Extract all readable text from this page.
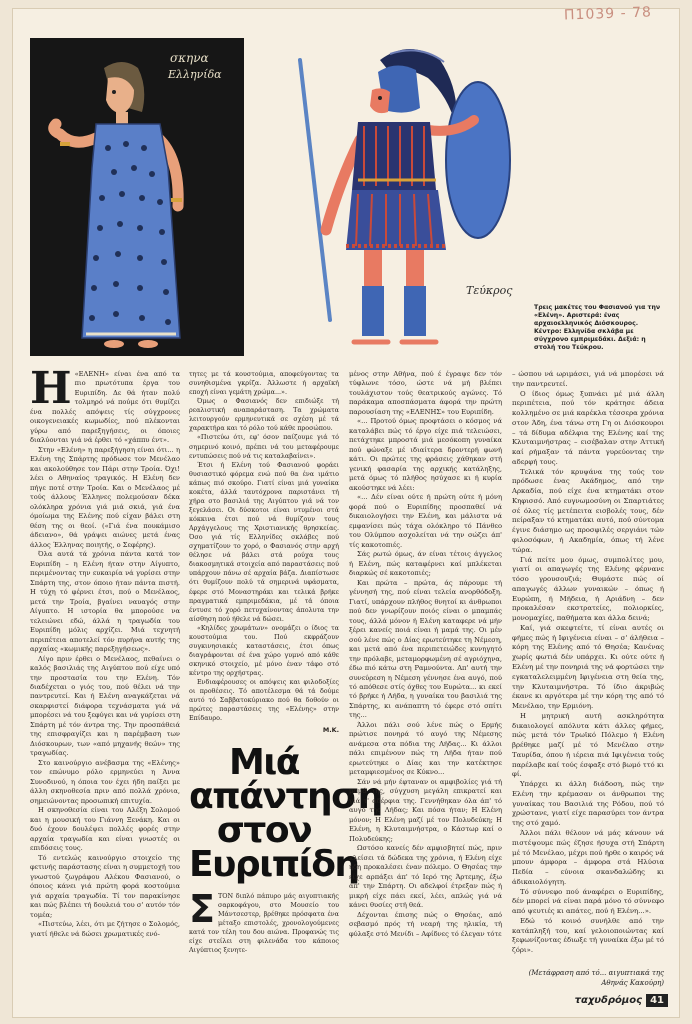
Π1039 - 78
σκηνα
Ελληνίδα
Τεύκρος
Τρεις μακέτες του Φασιανού για την «Ελένη». Αριστερά: ένας αρχαιοελληνικός Διόσκουρος. Κέντρο: Ελληνίδα σκλάβα με σύγχρονο εμπριμεδάκι. Δεξιά: η στολή του Τεύκρου.
Η «ΕΛΕΝΗ» είναι ένα από τα πιο πρωτότυπα έργα του Ευριπίδη. Δε θά ήταν πολύ τολμηρό νά πούμε ότι θυμίζει ένα πολλές απόψεις τίς σύγχρονες οικογενειακές κωμωδίες, πού πλέκονται γύρω από παρεξηγήσεις, οι όποιες διαλύονται γιά νά έρθει τό «χάππυ έντ».

Στην «Ελένη» η παρεξήγηση είναι ότι... η Ελένη της Σπάρτης πρόδωσε τον Μενέλαο και ακολούθησε τον Πάρι στην Τροία. Όχι! λέει ο Αθηναίος τραγικός. Η Ελένη δεν πήγε ποτέ στην Τροία. Και ο Μενέλαος μέ τούς άλλους Έλληνες πολεμούσαν δέκα ολόκληρα χρόνια γιά μιά σκιά, γιά ένα όμοίωμα της Ελένης πού είχαν βάλει στη θέση της οι θεοί. («Γιά ένα πουκάμισο άδειανο», θά γράψει αιώνες μετά ένας άλλος Έλληνας ποιητής, ο Σεφέρης).

Όλα αυτά τά χρόνια πάντα κατά τον Ευριπίδη – η Ελένη ήταν στην Αίγυπτο, περιμένοντας την ευκαιρία νά γυρίσει στην Σπάρτη της, στον όποιο ήταν πάντα πιστή. Η τύχη τό φέρνει έτσι, πού ο Μενέλαος, μετά την Τροία, βγαίνει ναυαγός στην Αίγυπτο. Η ιστορία θα μπορούσε να τελειώνει εδώ, άλλά η τραγωδία του Ευριπίδη μόλις αρχίζει. Μιά τεχνητή περιπέτεια αποτελεί τόν πυρήνα αυτής της αρχαίας «κωμικής παρεξηγήσεως».

Λίγο πριν έρθει ο Μενέλαος, πεθαίνει ο καλός βασιλιάς της Αιγύπτου πού είχε υπό την προστασία του την Ελένη. Τόν διαδέχεται ο γιός του, πού θέλει νά την παντρευτεί. Και ή Ελένη αναγκάζεται νά σκαρφιστεί διάφορα τεχνάσματα γιά νά μπορέσει νά του ξεφύγει και νά γυρίσει στη Σπάρτη μέ τόν άντρα της. Την προσπάθειά της επισφραγίζει και η παρέμβαση των Διόσκουρων, των «από μηχανής θεών» της τραγωδίας.

Στο καινούργιο ανέβασμα της «Ελένης» τον επώνυμο ρόλο ερμηνεύει η Άννα Συνοδινού, η όποια τον έχει ήδη παίξει με άλλη σκηνοθεσία πριν από πολλά χρόνια, σημειώνοντας προσωπική επιτυχία.

Η σκηνοθεσία είναι του Αλέξη Σολομού και η μουσική του Γιάννη Ξενάκη. Και οι δυό έχουν δουλέψει πολλές φορές στην αρχαία τραγωδία και είναι γνωστές οι επιδόσεις τους.

Τό εντελώς καινούργιο στοιχείο της φετινής παράστασης είναι η συμμετοχή του γνωστού ζωγράφου Αλέκου Φασιανού, ο όποιος κάνει γιά πρώτη φορά κοστούμια γιά αρχαία τραγωδία. Τί τον παρακίνησε και πώς βλέπει τή δουλειά του σ' αυτόν τόν τομέα;

«Πιστεύω, λέει, ότι με ζήτησε ο Σολομός, γιατί ήθελε νά δώσει χρωματικές ενό-

τητες με τά κουστούμια, αποφεύγοντας τα συνηθισμένα γκρίζα. Άλλωστε ή αρχαϊκή εποχή είναι γεμάτη χρώμα...».

Όμως ο Φασιανός δεν επιδιώξε τή ρεαλιστική αναπαράσταση. Τα χρώματα λειτουργούν ερμηνευτικά σε σχέση μέ τά χαρακτήρα και τό ρόλο τού κάθε προσώπου.

«Πιστεύω ότι, εφ' όσον παίζουμε γιά τό σημερινό κοινό, πρέπει νά του μεταφέρουμε εντυπώσεις πού νά τις καταλαβαίνει».

Έτσι ή Ελένη τού Φασιανού φοράει θυσιαστικό φόρεμα ενώ πού θα ένα ιμάτιο κάπως πιό σκούρο. Γιατί είναι μιά γυναίκα κοκέτα, άλλά ταυτόχρονα παριστάνει τή χήρα στο βασιλιά της Αιγύπτου γιά νά τον ξεγελάσει. Οι δύσκοτοι είναι ντυμένοι στά κόκκινα έτσι πού νά θυμίζουν τους Αρχάγγελους της Χριστιανικής θρησκείας. Όσο γιά τίς Ελληνίδες σκλάβες πού σχηματίζουν το χορό, ο Φασιανός στην αρχή θέλησε νά βάλει στά ρούχα τους διακοσμητικά στοιχεία από παραστάσεις πού υπάρχουν πάνω σέ αρχαία βάζα. Διαπίστωσε ότι θυμίζουν πολύ τά σημερινά υφάσματα, έφερε στό Μοναστηράκι και τελικά βρήκε πραγματικά εμπριμεδάκια, μέ τά όποια έντυσε τό χορό πετυχαίνοντας άπολυτα την αίσθηση πού ήθελε νά δώσει.

«Κηλίδες χρωμάτων» ονομάζει ο ίδιος τα κουστούμια του. Πού εκφράζουν συγκινησιακές καταστάσεις, έτσι όπως διαγράφονται σέ ένα χώρο γυμνό από κάθε σκηνικό στοιχείο, μέ μόνο έναν τάφο στό κέντρο της ορχήστρας.

Ενδιαφέρουσες οι απόψεις και φιλοδοξίες οι προθέσεις. Τό αποτέλεσμα θά τά δούμε αυτό τό Σαββατοκύριακο πού θα δοθούν οι πρώτες παραστάσεις της «Ελένης» στην Επίδαυρο.

Μ.Κ.
Μιά απάντηση στον Ευριπίδη
Σ ΤΟΝ διπλό πάπυρο μάς αιγυπτιακής σαρκοφάγου, στο Μουσείο του Μάντσεστερ, βρέθηκε πρόσφατα ένα μέταξο επιστολές, χρονολογούμενες κατά τον τέλη του δου αιώνα. Προφανώς τις είχε στείλει στη φιλενάδα του κάποιος Αιγύπτιος ξενητε-

μένος στην Αθήνα, πού έ έγραψε δεν τόν τύφλωνε τόσο, ώστε νά μή βλέπει τουλάχιστον τούς θεατρικούς αγώνες. Τό παράκαμα αποσπάσματα άφορά την πρώτη παρουσίαση της «ΕΛΕΝΗΣ» του Ευριπίδη.

«... Προτού όμως προφτάσει ο κόσμος νά καταλάβει πώς τό έργο είχε πιά τελειώσει, πετάχτηκε μπροστά μιά μεσόκοπη γυναίκα πού φώναξε μέ ιδιαίτερα δροντερή φωνή κάτι. Οι πρώτες της φράσεις χάθηκαν στή γενική φασαρία της αρχικής κατάληξης, μετά όμως τό πλήθος ησύχασε κι ή κυρία ακούστηκε νά λέει:

«... Δέν είναι ούτε ή πρώτη ούτε ή μόνη φορά πού ο Ευριπίδης προσπαθεί νά δικαιολογήσει την Ελένη, και μάλιστα νά εμφανίσει πώς τάχα ολόκληρο τό Πάνθεο του Ολύμπου ασχολείται νά την σώζει άπ' τίς κακοτοπιές.

Σάς ρωτώ όμως, άν είναι τέτοις άγγελος ή Ελένη, πώς καταφέρνει καί μπλέκεται διαρκώς σέ κακοτοπιές;

Και πρώτα – πρώτα, άς πάρουμε τή γέννησή της, πού είναι τελεία ανορθόδοξη. Γιατί, υπάρχουν πλήθος θνητοί κι άνθρωποι πού δεν γνωρίζουν ποιός είναι ο μπαμπάς τους, άλλά μόνον ή Ελένη καταφερε νά μήν ξέρει κανείς ποιά είναι ή μαμά της. Οι μέν σού λένε πώς ο Δίας ερωτεύτηκε τη Νέμεση, και μετά από ένα περιπετειώδες κυνηγητό την πρόλαβε, μεταμορφωμένη σέ αγριόχηνα, έδω πιό κάτω στη Ραμνούντα. Απ' αυτή την συνεύρεση η Νέμεση γέννησε ένα αυγό, πού τό απόθεσε στίς όχθες του Ευρώτα... κι εκεί τό βρήκε ή Λήδα, η γυναίκα του βασιλιά της Σπάρτης, κι ανάπαπτη τό έφερε στό σπίτι της...

Άλλοι πάλι σού λένε πώς ο Ερμής πρώτισε πονηρά τό αυγό της Νέμεσης ανάμεσα στα πόδια της Λήδας... Κι άλλοι πάλι επιμένουν πώς τη Λήδα ήταν πού ερωτεύτηκε ο Δίας και την κατέκτησε μεταμφιεσμένος σε Κύκνο...

Σάν νά μήν έφταναν οι αμφιβολίες γιά τή μαμά της, σύγχυση μεγάλη επικρατεί και γιά τ' αδέρφια της. Γεννήθηκαν όλα άπ' τό αυγό της Λήδας; Και πόσα ήταν; Η Ελένη μόνον; Η Ελένη μαζί μέ τον Πολυδεύκη; Η Ελένη, η Κλυταιμνήστρα, ο Κάστωρ καί ο Πολυδεύκης;

Ωστόσο κανείς δέν αμφισβητεί πώς, πριν κλείσει τά δώδεκα της χρόνια, ή Ελένη είχε ήδη προκαλέσει έναν πόλεμο. Ο Θησέας την είχε αρπάξει άπ' τό Ιερό της Άρτεμης, έξω άπ' την Σπάρτη. Οι αδελφοί έτρεξαν πώς ή μικρή είχε πάει εκεί, λέει, απλώς γιά νά κάνει θυσίες στή θεά.

Δέχονται έπισης πώς ο Θησέας, από σεβασμό πρός τή νεαρή της ηλικία, τή φύλαξε στό Μενίδι – Αφίδνες τό έλεγαν τότε

– ώσπου νά ωριμάσει, γιά νά μπορέσει νά την παντρευτεί.

Ο ίδιος όμως ξυπνάει μέ μιά άλλη περιπέτεια, πού τόν κράτησε άδεια κολλημένο σε μιά καρέκλα τέσσερα χρόνια στον Άδη, ένα τάνω στη Γη οι Διόσκουροι – τά δίδυμα αδέλφια της Ελένης καί της Κλυταιμνήστρας – εισέβαλαν στην Αττική καί ρήμαξαν τά πάντα γυρεύοντας την αδερφή τους.

Τελικά τόν κρυψάνα της τούς τον πρόδωσε ένας Ακάδημος, από την Αρκαδία, πού είχε ένα κτηματάκι στον Κηφισσό. Από ευγνωμοσύνη οι Σπαρτιάτες σέ όλες τίς μετέπειτα εισβολές τους, δέν πείραξαν τό κτηματάκι αυτό, πού σύντομα έγινε διάσημο ως προσφιλές σεργιάνι τών φιλοσόφων, ή Ακαδημία, όπως τή λένε τώρα.

Γιά πείτε μου όμως, συμπολίτες μου, γιατί οι απαγωγές της Ελένης φέρνανε τόσο γρουσουζιά; Θυμάστε πώς οί απαγωγές άλλων γυναικών – όπως ή Ευρώπη, ή Μήδεια, ή Αριάδνη – δεν προκαλέσαν εκστρατείες, πολιορκίες, μονομαχίες, παθήματα και άλλα δεινά;

Καί, γιά σκεφτείτε, τί είναι αυτές οι φήμες πώς ή Ιφιγένεια είναι – σ' άλήθεια – κόρη της Ελένης από τό Θησέα; Κανένας χωρίς φωτιά δέν υπάρχει. Κι ούτε ούτε ή Ελένη μέ την πονηριά της νά φορτώσει την εγκαταλελειμμένη Ιφιγένεια στη θεία της, την Κλυταιμνήστρα. Τό ίδιο άκριβώς έκανε κι αργότερα μέ την κόρη της από τό Μενέλαο, την Ερμιόνη.

Η μητρική αυτή ασκληρότητα δικαιολογεί απόλυτα κάτι άλλες φήμες, πώς μετά τόν Τρωϊκό Πόλεμο ή Ελένη βρέθηκε μαζί μέ τό Μενέλαο στην Ταυρίδα, όπου ή ιέρεια πιά Ιφιγένεια τούς παρέλαβε καί τούς έσφαξε στό βωμό ττό κι φί.

Υπάρχει κι άλλη διάδοση, πώς την Ελένη την κρέμασαν οι άνθρωποι της γυναίκας του Βασιλιά της Ρόδου, πού τό χρώστανε, γιατί είχε παρασύρει τον άντρα της στό χαμό.

Άλλοι πάλι θέλουν νά μάς κάνουν νά πιστέψουμε πώς έζησε ήσυχα στή Σπάρτη μέ τό Μενέλαο, μέχρι πού ήρθε ο καιρός νά μπουν άμφορα – άμφορα στά Ηλύσια Πεδία – εύνοια σκανδαλώδης κι άδικαιολόγητη.

Τό σύννεφο πού άναφέρει ο Ευριπίδης, δέν μπορεί νά είναι παρά μόνο τό σύννεφο από ψευτιές κι απάτες, πού ή Ελένη...».

Εδώ τό κοινό συνήλθε από την κατάπληξή του, καί γελοιοποιώντας καί ξεφωνίζοντας έδιωξε τή γυναίκα έξω μέ τό ζόρι».

(Μετάφραση από τό... αιγυπτιακά της Αθηνάς Κακούρη)
ταχυδρόμος 41
